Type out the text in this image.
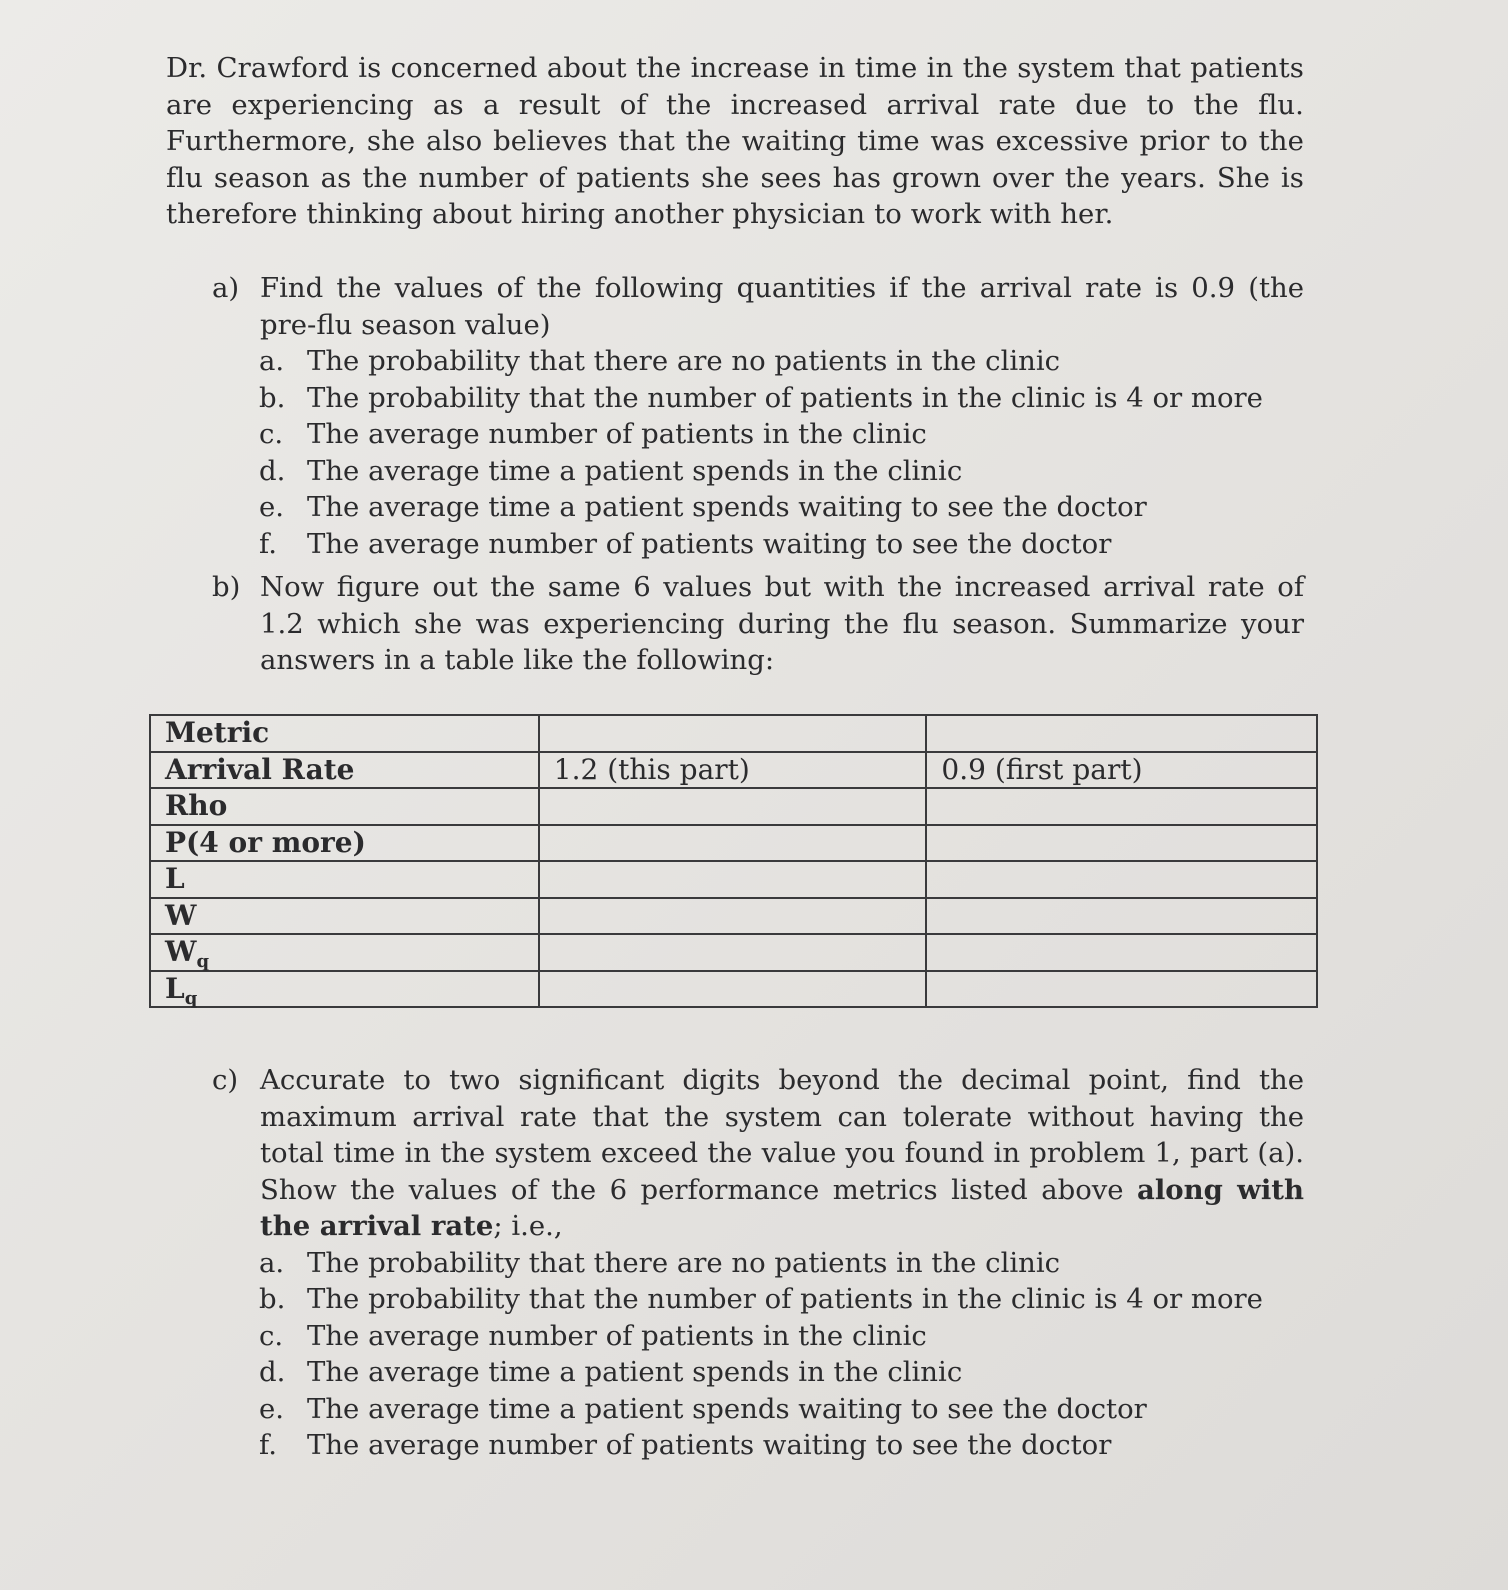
Dr. Crawford is concerned about the increase in time in the system that patients are experiencing as a result of the increased arrival rate due to the flu. Furthermore, she also believes that the waiting time was excessive prior to the flu season as the number of patients she sees has grown over the years. She is therefore thinking about hiring another physician to work with her.

a) Find the values of the following quantities if the arrival rate is 0.9 (the pre-flu season value)
a. The probability that there are no patients in the clinic
b. The probability that the number of patients in the clinic is 4 or more
c. The average number of patients in the clinic
d. The average time a patient spends in the clinic
e. The average time a patient spends waiting to see the doctor
f.	The average number of patients waiting to see the doctor
b) Now figure out the same 6 values but with the increased arrival rate of 1.2 which she was experiencing during the flu season. Summarize your answers in a table like the following:
Metric		
Arrival Rate	1.2 (this part)	0.9 (first part)
Rho		
P(4 or more)		
L		
W		
$W_q$		
$L_q$		
c) Accurate to two significant digits beyond the decimal point, find the maximum arrival rate that the system can tolerate without having the total time in the system exceed the value you found in problem 1, part (a). Show the values of the 6 performance metrics listed above along with the arrival rate; i.e.,
a. The probability that there are no patients in the clinic
b. The probability that the number of patients in the clinic is 4 or more
c. The average number of patients in the clinic
d. The average time a patient spends in the clinic
e. The average time a patient spends waiting to see the doctor
f.	The average number of patients waiting to see the doctor
